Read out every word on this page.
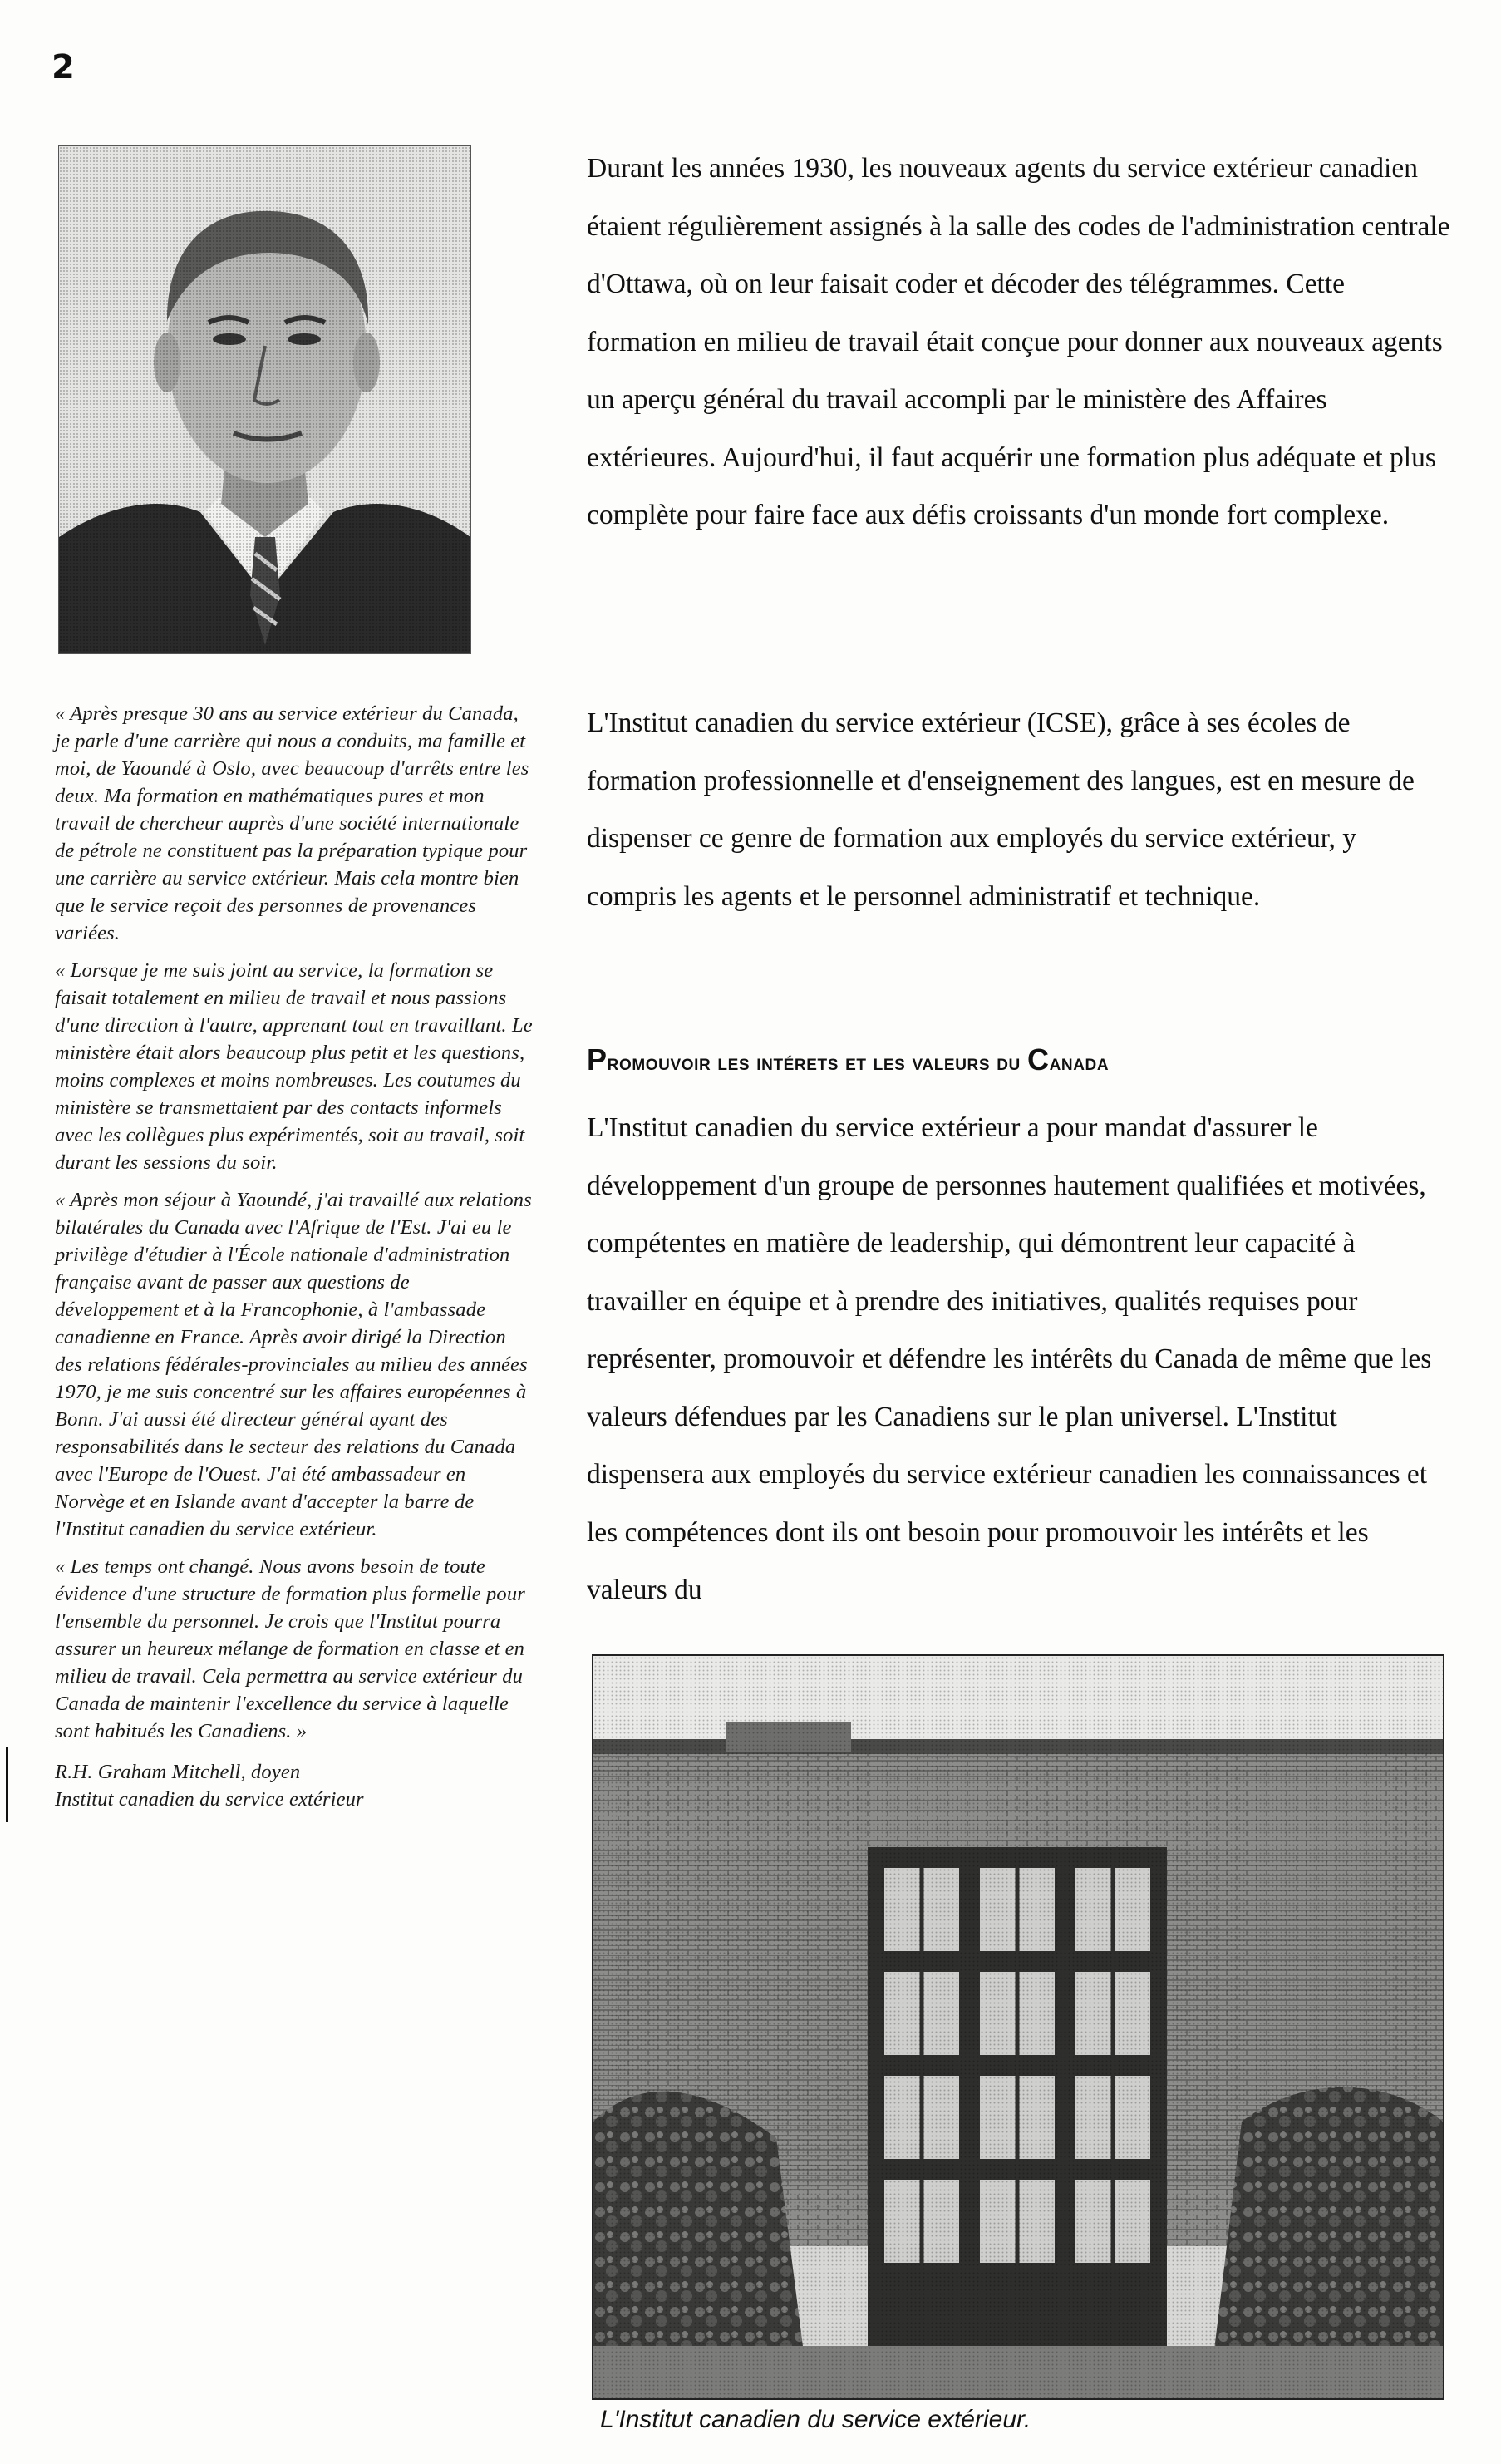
2

« Après presque 30 ans au service extérieur du Canada, je parle d'une carrière qui nous a conduits, ma famille et moi, de Yaoundé à Oslo, avec beaucoup d'arrêts entre les deux. Ma formation en mathématiques pures et mon travail de chercheur auprès d'une société internationale de pétrole ne constituent pas la préparation typique pour une carrière au service extérieur. Mais cela montre bien que le service reçoit des personnes de provenances variées.

« Lorsque je me suis joint au service, la formation se faisait totalement en milieu de travail et nous passions d'une direction à l'autre, apprenant tout en travaillant. Le ministère était alors beaucoup plus petit et les questions, moins complexes et moins nombreuses. Les coutumes du ministère se transmettaient par des contacts informels avec les collègues plus expérimentés, soit au travail, soit durant les sessions du soir.

« Après mon séjour à Yaoundé, j'ai travaillé aux relations bilatérales du Canada avec l'Afrique de l'Est. J'ai eu le privilège d'étudier à l'École nationale d'administration française avant de passer aux questions de développement et à la Francophonie, à l'ambassade canadienne en France. Après avoir dirigé la Direction des relations fédérales-provinciales au milieu des années 1970, je me suis concentré sur les affaires européennes à Bonn. J'ai aussi été directeur général ayant des responsabilités dans le secteur des relations du Canada avec l'Europe de l'Ouest. J'ai été ambassadeur en Norvège et en Islande avant d'accepter la barre de l'Institut canadien du service extérieur.

« Les temps ont changé. Nous avons besoin de toute évidence d'une structure de formation plus formelle pour l'ensemble du personnel. Je crois que l'Institut pourra assurer un heureux mélange de formation en classe et en milieu de travail. Cela permettra au service extérieur du Canada de maintenir l'excellence du service à laquelle sont habitués les Canadiens. »

R.H. Graham Mitchell, doyen
Institut canadien du service extérieur

Durant les années 1930, les nouveaux agents du service extérieur canadien étaient régulièrement assignés à la salle des codes de l'administration centrale d'Ottawa, où on leur faisait coder et décoder des télégrammes. Cette formation en milieu de travail était conçue pour donner aux nouveaux agents un aperçu général du travail accompli par le ministère des Affaires extérieures. Aujourd'hui, il faut acquérir une formation plus adéquate et plus complète pour faire face aux défis croissants d'un monde fort complexe.

L'Institut canadien du service extérieur (ICSE), grâce à ses écoles de formation professionnelle et d'enseignement des langues, est en mesure de dispenser ce genre de formation aux employés du service extérieur, y compris les agents et le personnel administratif et technique.

Promouvoir les intérets et les valeurs du Canada

L'Institut canadien du service extérieur a pour mandat d'assurer le développement d'un groupe de personnes hautement qualifiées et motivées, compétentes en matière de leadership, qui démontrent leur capacité à travailler en équipe et à prendre des initiatives, qualités requises pour représenter, promouvoir et défendre les intérêts du Canada de même que les valeurs défendues par les Canadiens sur le plan universel. L'Institut dispensera aux employés du service extérieur canadien les connaissances et les compétences dont ils ont besoin pour promouvoir les intérêts et les valeurs du

L'Institut canadien du service extérieur.
